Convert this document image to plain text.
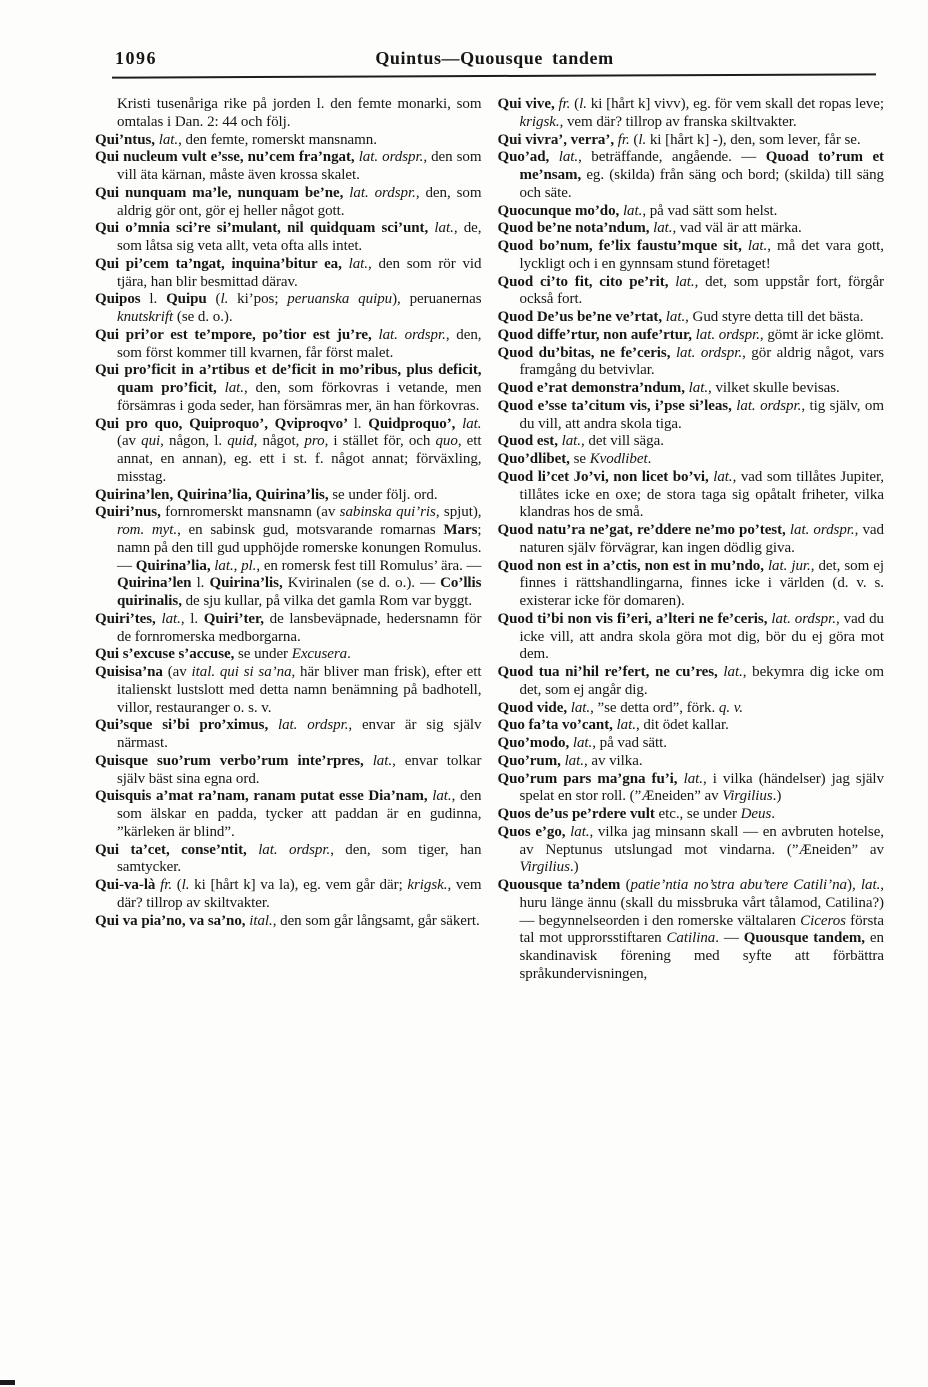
1096	Quintus—Quousque tandem

Kristi tusenåriga rike på jorden l. den femte monarki, som omtalas i Dan. 2: 44 och följ.

Qui’ntus, lat., den femte, romerskt mansnamn.

Qui nucleum vult e’sse, nu’cem fra’ngat, lat. ordspr., den som vill äta kärnan, måste även krossa skalet.

Qui nunquam ma’le, nunquam be’ne, lat. ordspr., den, som aldrig gör ont, gör ej heller något gott.

Qui o’mnia sci’re si’mulant, nil quidquam sci’unt, lat., de, som låtsa sig veta allt, veta ofta alls intet.

Qui pi’cem ta’ngat, inquina’bitur ea, lat., den som rör vid tjära, han blir besmittad därav.

Quipos l. Quipu (l. ki’pos; peruanska quipu), peruanernas knutskrift (se d. o.).

Qui pri’or est te’mpore, po’tior est ju’re, lat. ordspr., den, som först kommer till kvarnen, får först malet.

Qui pro’ficit in a’rtibus et de’ficit in mo’ribus, plus deficit, quam pro’ficit, lat., den, som förkovras i vetande, men försämras i goda seder, han försämras mer, än han förkovras.

Qui pro quo, Quiproquo’, Qviproqvo’ l. Quidproquo’, lat. (av qui, någon, l. quid, något, pro, i stället för, och quo, ett annat, en annan), eg. ett i st. f. något annat; förväxling, misstag.

Quirina’len, Quirina’lia, Quirina’lis, se under följ. ord.

Quiri’nus, fornromerskt mansnamn (av sabinska qui’ris, spjut), rom. myt., en sabinsk gud, motsvarande romarnas Mars; namn på den till gud upphöjde romerske konungen Romulus. — Quirina’lia, lat., pl., en romersk fest till Romulus’ ära. — Quirina’len l. Quirina’lis, Kvirinalen (se d. o.). — Co’llis quirinalis, de sju kullar, på vilka det gamla Rom var byggt.

Quiri’tes, lat., l. Quiri’ter, de lansbeväpnade, hedersnamn för de fornromerska medborgarna.

Qui s’excuse s’accuse, se under Excusera.

Quisisa’na (av ital. qui si sa’na, här bliver man frisk), efter ett italienskt lustslott med detta namn benämning på badhotell, villor, restauranger o. s. v.

Qui’sque si’bi pro’ximus, lat. ordspr., envar är sig själv närmast.

Quisque suo’rum verbo’rum inte’rpres, lat., envar tolkar själv bäst sina egna ord.

Quisquis a’mat ra’nam, ranam putat esse Dia’nam, lat., den som älskar en padda, tycker att paddan är en gudinna, ”kärleken är blind”.

Qui ta’cet, conse’ntit, lat. ordspr., den, som tiger, han samtycker.

Qui-va-là fr. (l. ki [hårt k] va la), eg. vem går där; krigsk., vem där? tillrop av skiltvakter.

Qui va pia’no, va sa’no, ital., den som går långsamt, går säkert.

Qui vive, fr. (l. ki [hårt k] vivv), eg. för vem skall det ropas leve; krigsk., vem där? tillrop av franska skiltvakter.

Qui vivra’, verra’, fr. (l. ki [hårt k] -), den, som lever, får se.

Quo’ad, lat., beträffande, angående. — Quoad to’rum et me’nsam, eg. (skilda) från säng och bord; (skilda) till säng och säte.

Quocunque mo’do, lat., på vad sätt som helst.

Quod be’ne nota’ndum, lat., vad väl är att märka.

Quod bo’num, fe’lix faustu’mque sit, lat., må det vara gott, lyckligt och i en gynnsam stund företaget!

Quod ci’to fit, cito pe’rit, lat., det, som uppstår fort, förgår också fort.

Quod De’us be’ne ve’rtat, lat., Gud styre detta till det bästa.

Quod diffe’rtur, non aufe’rtur, lat. ordspr., gömt är icke glömt.

Quod du’bitas, ne fe’ceris, lat. ordspr., gör aldrig något, vars framgång du betvivlar.

Quod e’rat demonstra’ndum, lat., vilket skulle bevisas.

Quod e’sse ta’citum vis, i’pse si’leas, lat. ordspr., tig själv, om du vill, att andra skola tiga.

Quod est, lat., det vill säga.

Quo’dlibet, se Kvodlibet.

Quod li’cet Jo’vi, non licet bo’vi, lat., vad som tillåtes Jupiter, tillåtes icke en oxe; de stora taga sig opåtalt friheter, vilka klandras hos de små.

Quod natu’ra ne’gat, re’ddere ne’mo po’test, lat. ordspr., vad naturen själv förvägrar, kan ingen dödlig giva.

Quod non est in a’ctis, non est in mu’ndo, lat. jur., det, som ej finnes i rättshandlingarna, finnes icke i världen (d. v. s. existerar icke för domaren).

Quod ti’bi non vis fi’eri, a’lteri ne fe’ceris, lat. ordspr., vad du icke vill, att andra skola göra mot dig, bör du ej göra mot dem.

Quod tua ni’hil re’fert, ne cu’res, lat., bekymra dig icke om det, som ej angår dig.

Quod vide, lat., ”se detta ord”, förk. q. v.

Quo fa’ta vo’cant, lat., dit ödet kallar.

Quo’modo, lat., på vad sätt.

Quo’rum, lat., av vilka.

Quo’rum pars ma’gna fu’i, lat., i vilka (händelser) jag själv spelat en stor roll. (”Æneiden” av Virgilius.)

Quos de’us pe’rdere vult etc., se under Deus.

Quos e’go, lat., vilka jag minsann skall — en avbruten hotelse, av Neptunus utslungad mot vindarna. (”Æneiden” av Virgilius.)

Quousque ta’ndem (patie’ntia no’stra abu’tere Catili’na), lat., huru länge ännu (skall du missbruka vårt tålamod, Catilina?) — begynnelseorden i den romerske vältalaren Ciceros första tal mot upprorsstiftaren Catilina. — Quousque tandem, en skandinavisk förening med syfte att förbättra språkundervisningen,
